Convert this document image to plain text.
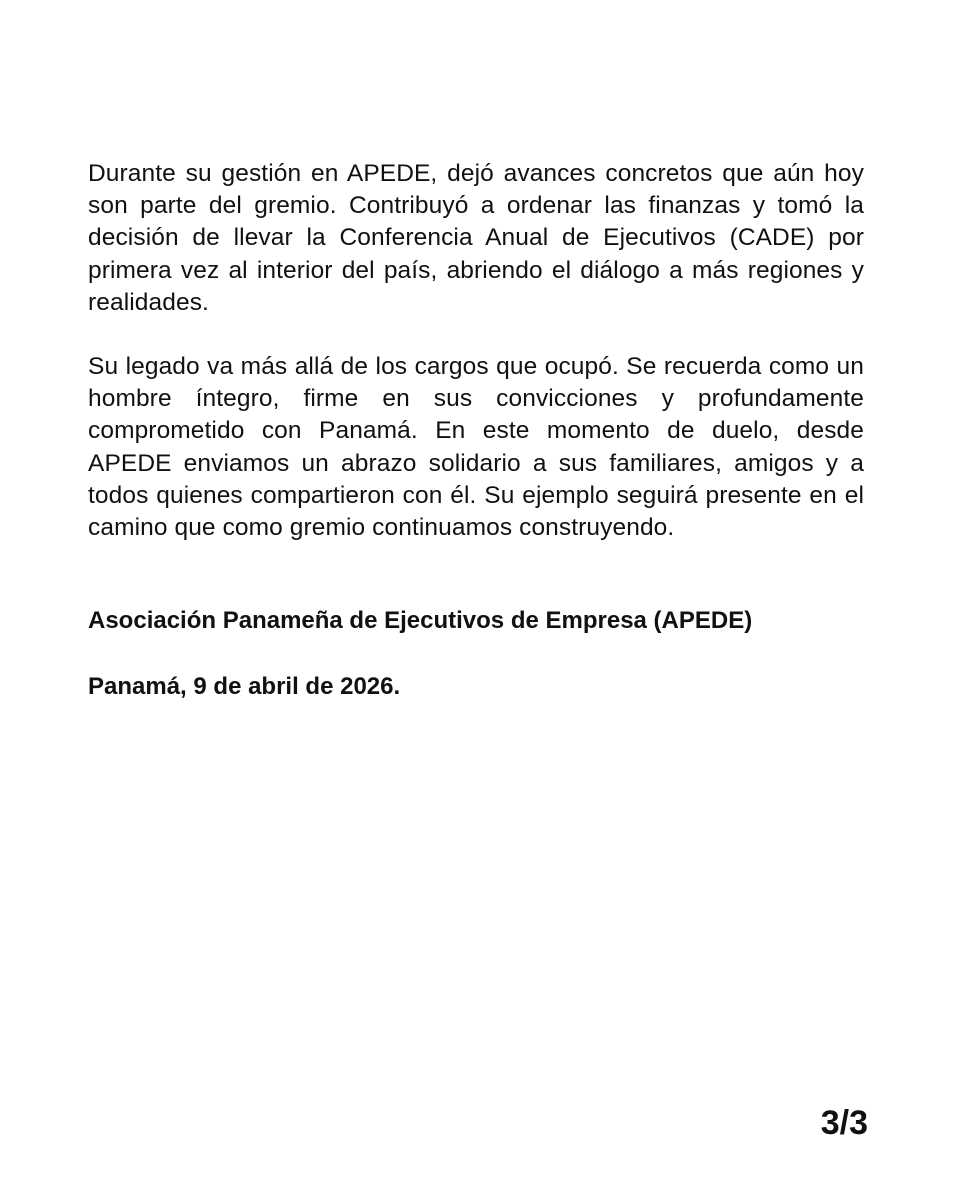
Durante su gestión en APEDE, dejó avances concretos que aún hoy son parte del gremio. Contribuyó a ordenar las finanzas y tomó la decisión de llevar la Conferencia Anual de Ejecutivos (CADE) por primera vez al interior del país, abriendo el diálogo a más regiones y realidades.

Su legado va más allá de los cargos que ocupó. Se recuerda como un hombre íntegro, firme en sus convicciones y profundamente comprometido con Panamá. En este momento de duelo, desde APEDE enviamos un abrazo solidario a sus familiares, amigos y a todos quienes compartieron con él. Su ejemplo seguirá presente en el camino que como gremio continuamos construyendo.

Asociación Panameña de Ejecutivos de Empresa (APEDE)

Panamá, 9 de abril de 2026.

3/3
